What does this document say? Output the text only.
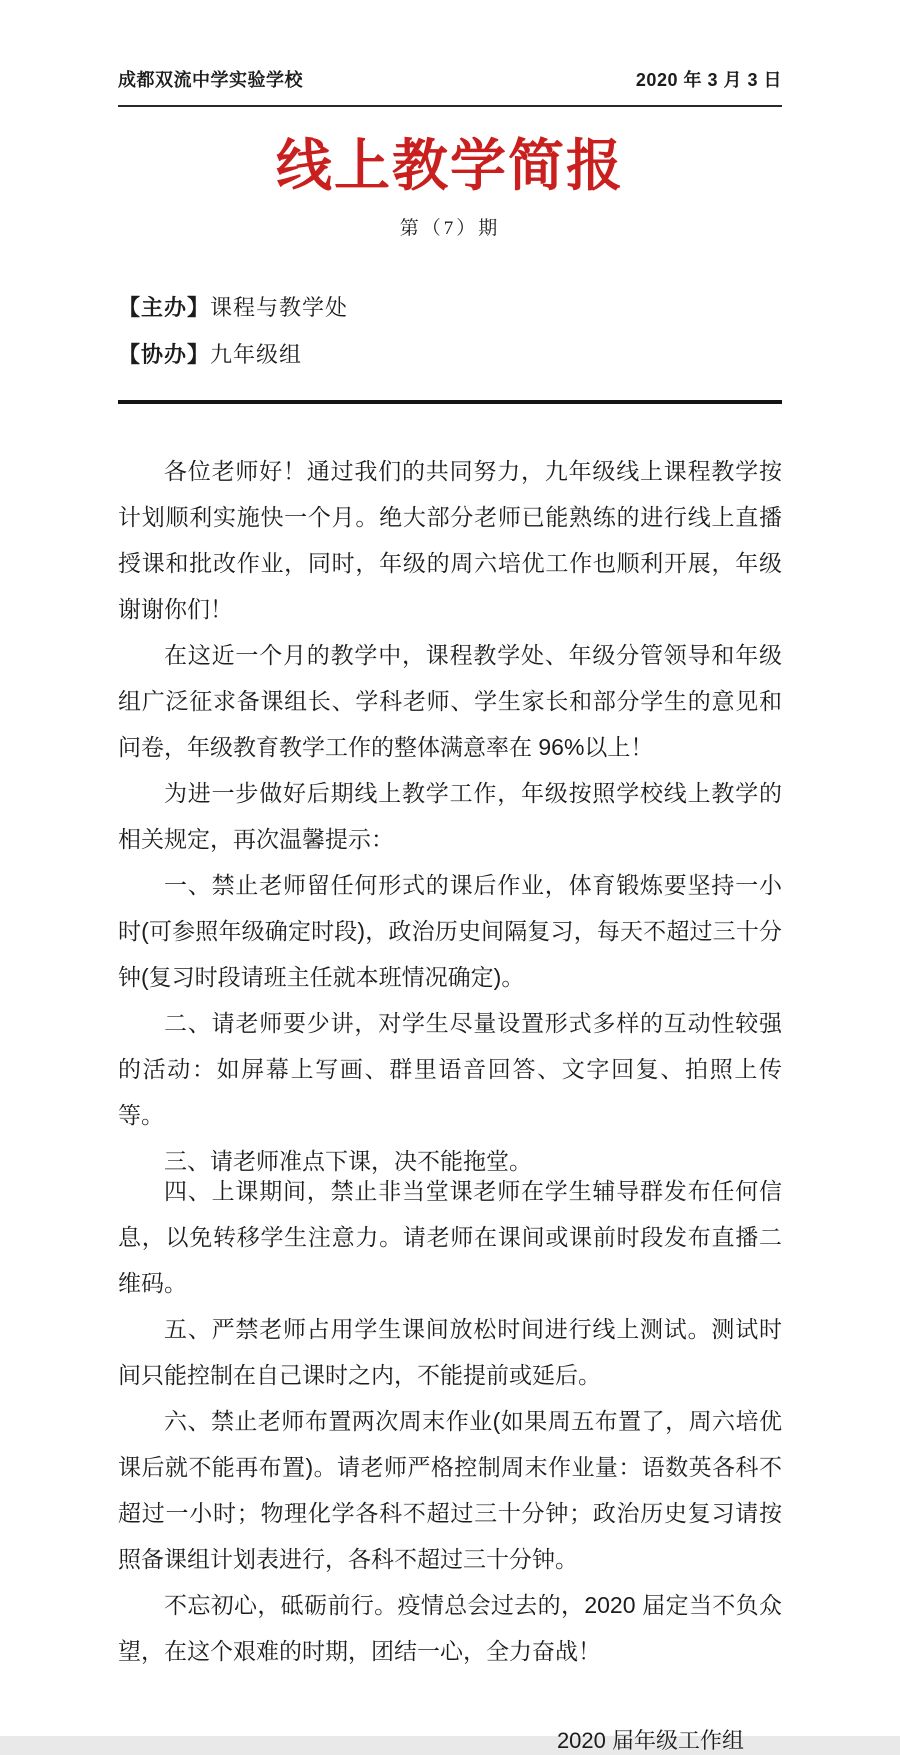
成都双流中学实验学校	2020 年 3 月 3 日
线上教学简报
第（7）期
【主办】课程与教学处
【协办】九年级组

各位老师好！通过我们的共同努力，九年级线上课程教学按计划顺利实施快一个月。绝大部分老师已能熟练的进行线上直播授课和批改作业，同时，年级的周六培优工作也顺利开展，年级谢谢你们！

在这近一个月的教学中，课程教学处、年级分管领导和年级组广泛征求备课组长、学科老师、学生家长和部分学生的意见和问卷，年级教育教学工作的整体满意率在 96%以上！

为进一步做好后期线上教学工作，年级按照学校线上教学的相关规定，再次温馨提示：

一、禁止老师留任何形式的课后作业，体育锻炼要坚持一小时(可参照年级确定时段)，政治历史间隔复习，每天不超过三十分钟(复习时段请班主任就本班情况确定)。

二、请老师要少讲，对学生尽量设置形式多样的互动性较强的活动：如屏幕上写画、群里语音回答、文字回复、拍照上传等。

三、请老师准点下课，决不能拖堂。

四、上课期间，禁止非当堂课老师在学生辅导群发布任何信息，以免转移学生注意力。请老师在课间或课前时段发布直播二维码。

五、严禁老师占用学生课间放松时间进行线上测试。测试时间只能控制在自己课时之内，不能提前或延后。

六、禁止老师布置两次周末作业(如果周五布置了，周六培优课后就不能再布置)。请老师严格控制周末作业量：语数英各科不超过一小时；物理化学各科不超过三十分钟；政治历史复习请按照备课组计划表进行，各科不超过三十分钟。

不忘初心，砥砺前行。疫情总会过去的，2020 届定当不负众望，在这个艰难的时期，团结一心，全力奋战！

2020 届年级工作组
